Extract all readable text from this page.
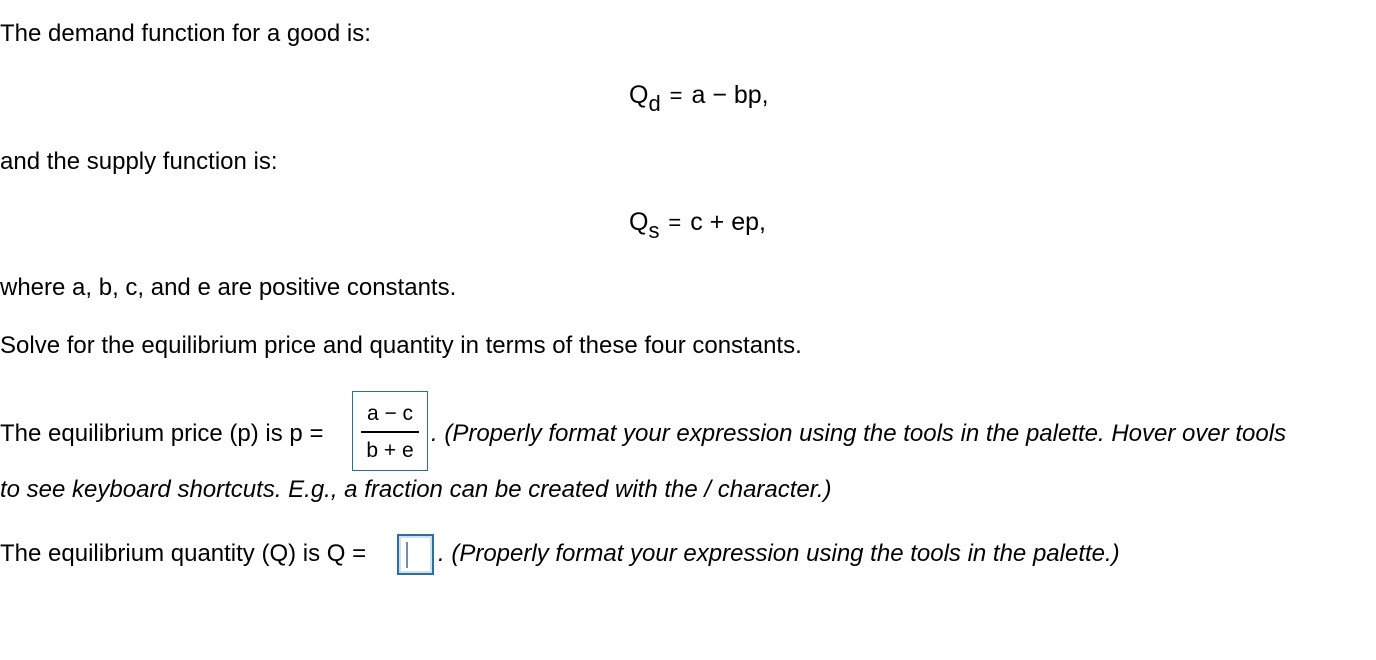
The demand function for a good is:
$Q_d = a$ − bp,
and the supply function is:
$Q_s = c$ + ep,
where a, b, c, and e are positive constants.
Solve for the equilibrium price and quantity in terms of these four constants.
The equilibrium price (p) is p =
a − c
b + e
. (Properly format your expression using the tools in the palette. Hover over tools
to see keyboard shortcuts. E.g., a fraction can be created with the / character.)
The equilibrium quantity (Q) is Q =	. (Properly format your expression using the tools in the palette.)
